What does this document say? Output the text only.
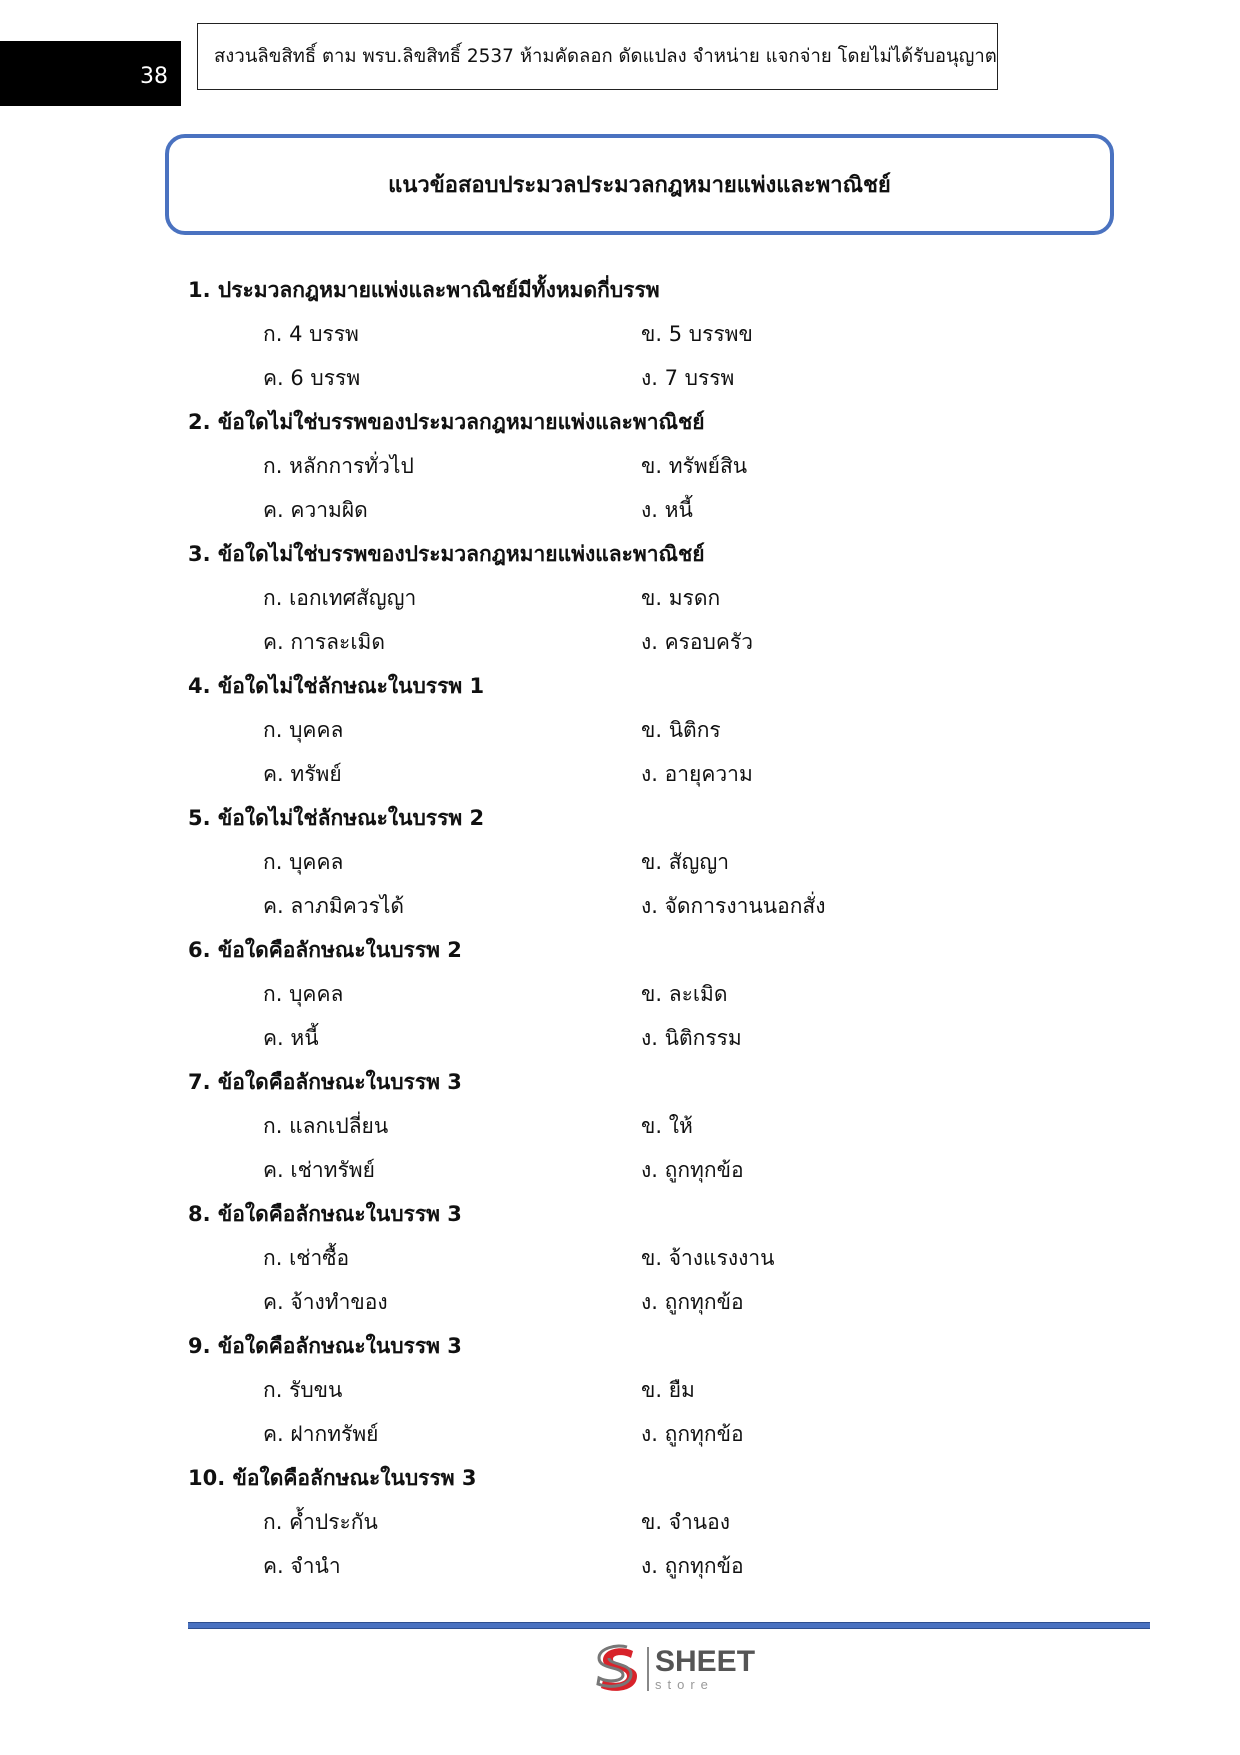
38
สงวนลิขสิทธิ์ ตาม พรบ.ลิขสิทธิ์ 2537 ห้ามคัดลอก ดัดแปลง จำหน่าย แจกจ่าย โดยไม่ได้รับอนุญาต
แนวข้อสอบประมวลประมวลกฎหมายแพ่งและพาณิชย์
1. ประมวลกฎหมายแพ่งและพาณิชย์มีทั้งหมดกี่บรรพ
ก. 4 บรรพ	ข. 5 บรรพข
ค. 6 บรรพ	ง. 7 บรรพ
2. ข้อใดไม่ใช่บรรพของประมวลกฎหมายแพ่งและพาณิชย์
ก. หลักการทั่วไป	ข. ทรัพย์สิน
ค. ความผิด	ง. หนี้
3. ข้อใดไม่ใช่บรรพของประมวลกฎหมายแพ่งและพาณิชย์
ก. เอกเทศสัญญา	ข. มรดก
ค. การละเมิด	ง. ครอบครัว
4. ข้อใดไม่ใช่ลักษณะในบรรพ 1
ก. บุคคล	ข. นิติกร
ค. ทรัพย์	ง. อายุความ
5. ข้อใดไม่ใช่ลักษณะในบรรพ 2
ก. บุคคล	ข. สัญญา
ค. ลาภมิควรได้	ง. จัดการงานนอกสั่ง
6. ข้อใดคือลักษณะในบรรพ 2
ก. บุคคล	ข. ละเมิด
ค. หนี้	ง. นิติกรรม
7. ข้อใดคือลักษณะในบรรพ 3
ก. แลกเปลี่ยน	ข. ให้
ค. เช่าทรัพย์	ง. ถูกทุกข้อ
8. ข้อใดคือลักษณะในบรรพ 3
ก. เช่าซื้อ	ข. จ้างแรงงาน
ค. จ้างทำของ	ง. ถูกทุกข้อ
9. ข้อใดคือลักษณะในบรรพ 3
ก. รับขน	ข. ยืม
ค. ฝากทรัพย์	ง. ถูกทุกข้อ
10. ข้อใดคือลักษณะในบรรพ 3
ก. ค้ำประกัน	ข. จำนอง
ค. จำนำ	ง. ถูกทุกข้อ
SHEET
store
